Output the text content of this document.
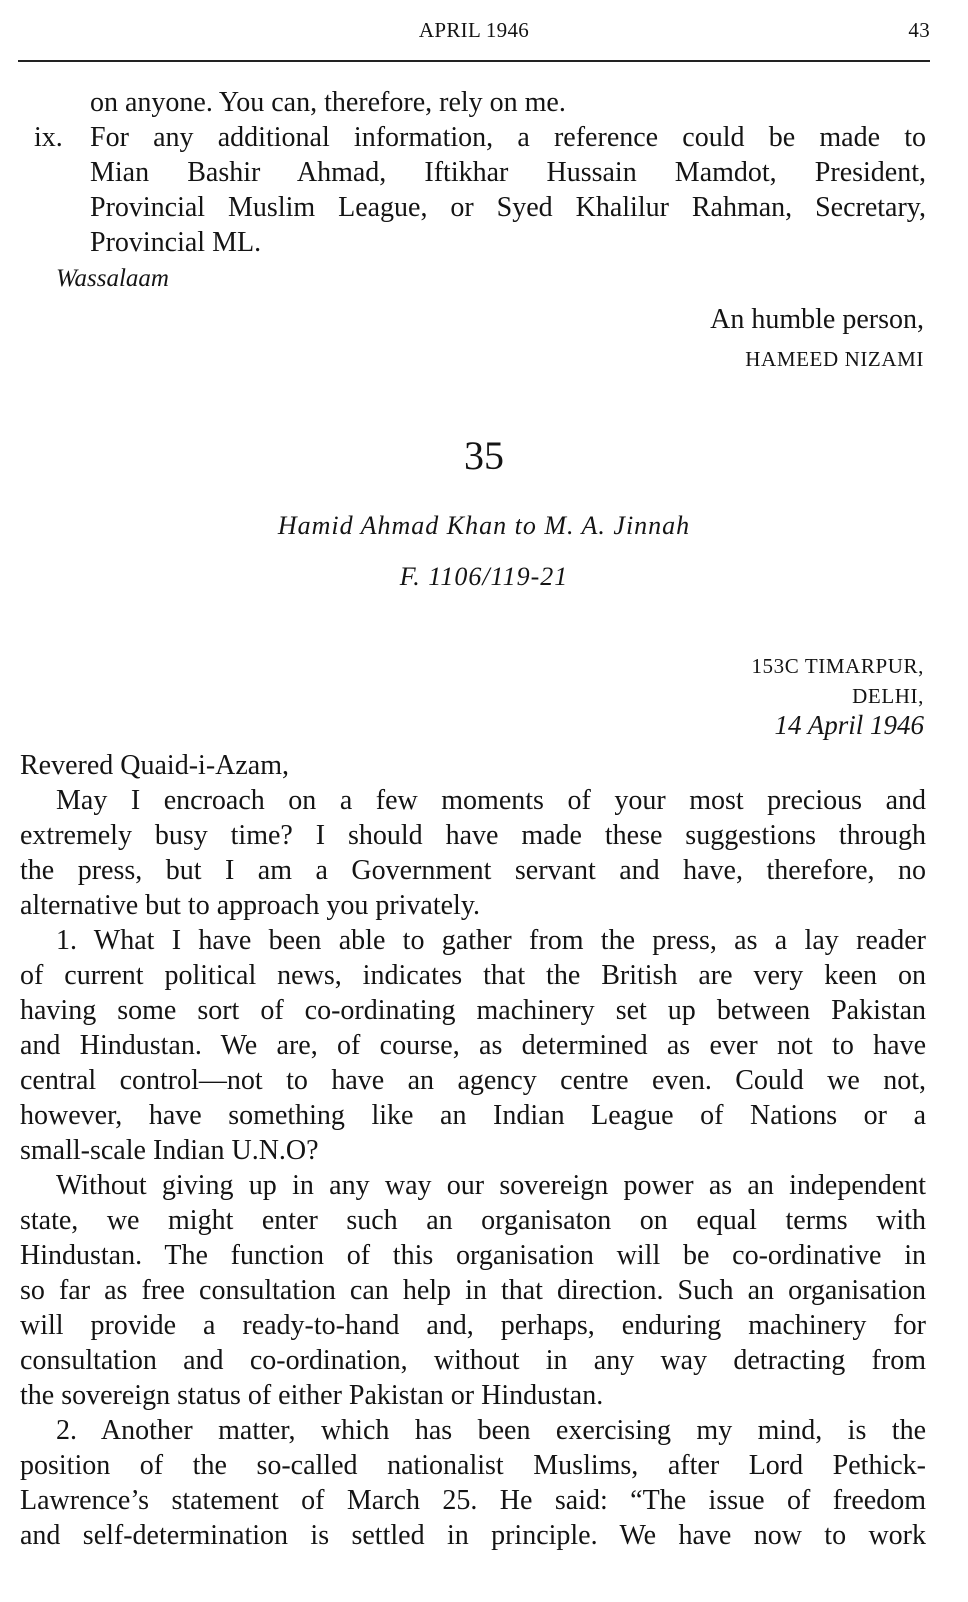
APRIL 1946	43
on anyone. You can, therefore, rely on me.
ix. For any additional information, a reference could be made to
Mian Bashir Ahmad, Iftikhar Hussain Mamdot, President,
Provincial Muslim League, or Syed Khalilur Rahman, Secretary,
Provincial ML.
Wassalaam
An humble person,
HAMEED NIZAMI
35
Hamid Ahmad Khan to M. A. Jinnah
F. 1106/119-21
153C TIMARPUR,
DELHI,
14 April 1946
Revered Quaid-i-Azam,
May I encroach on a few moments of your most precious and
extremely busy time? I should have made these suggestions through
the press, but I am a Government servant and have, therefore, no
alternative but to approach you privately.
1. What I have been able to gather from the press, as a lay reader
of current political news, indicates that the British are very keen on
having some sort of co-ordinating machinery set up between Pakistan
and Hindustan. We are, of course, as determined as ever not to have
central control—not to have an agency centre even. Could we not,
however, have something like an Indian League of Nations or a
small-scale Indian U.N.O?
Without giving up in any way our sovereign power as an independent
state, we might enter such an organisaton on equal terms with
Hindustan. The function of this organisation will be co-ordinative in
so far as free consultation can help in that direction. Such an organisation
will provide a ready-to-hand and, perhaps, enduring machinery for
consultation and co-ordination, without in any way detracting from
the sovereign status of either Pakistan or Hindustan.
2. Another matter, which has been exercising my mind, is the
position of the so-called nationalist Muslims, after Lord Pethick-
Lawrence’s statement of March 25. He said: “The issue of freedom
and self-determination is settled in principle. We have now to work
